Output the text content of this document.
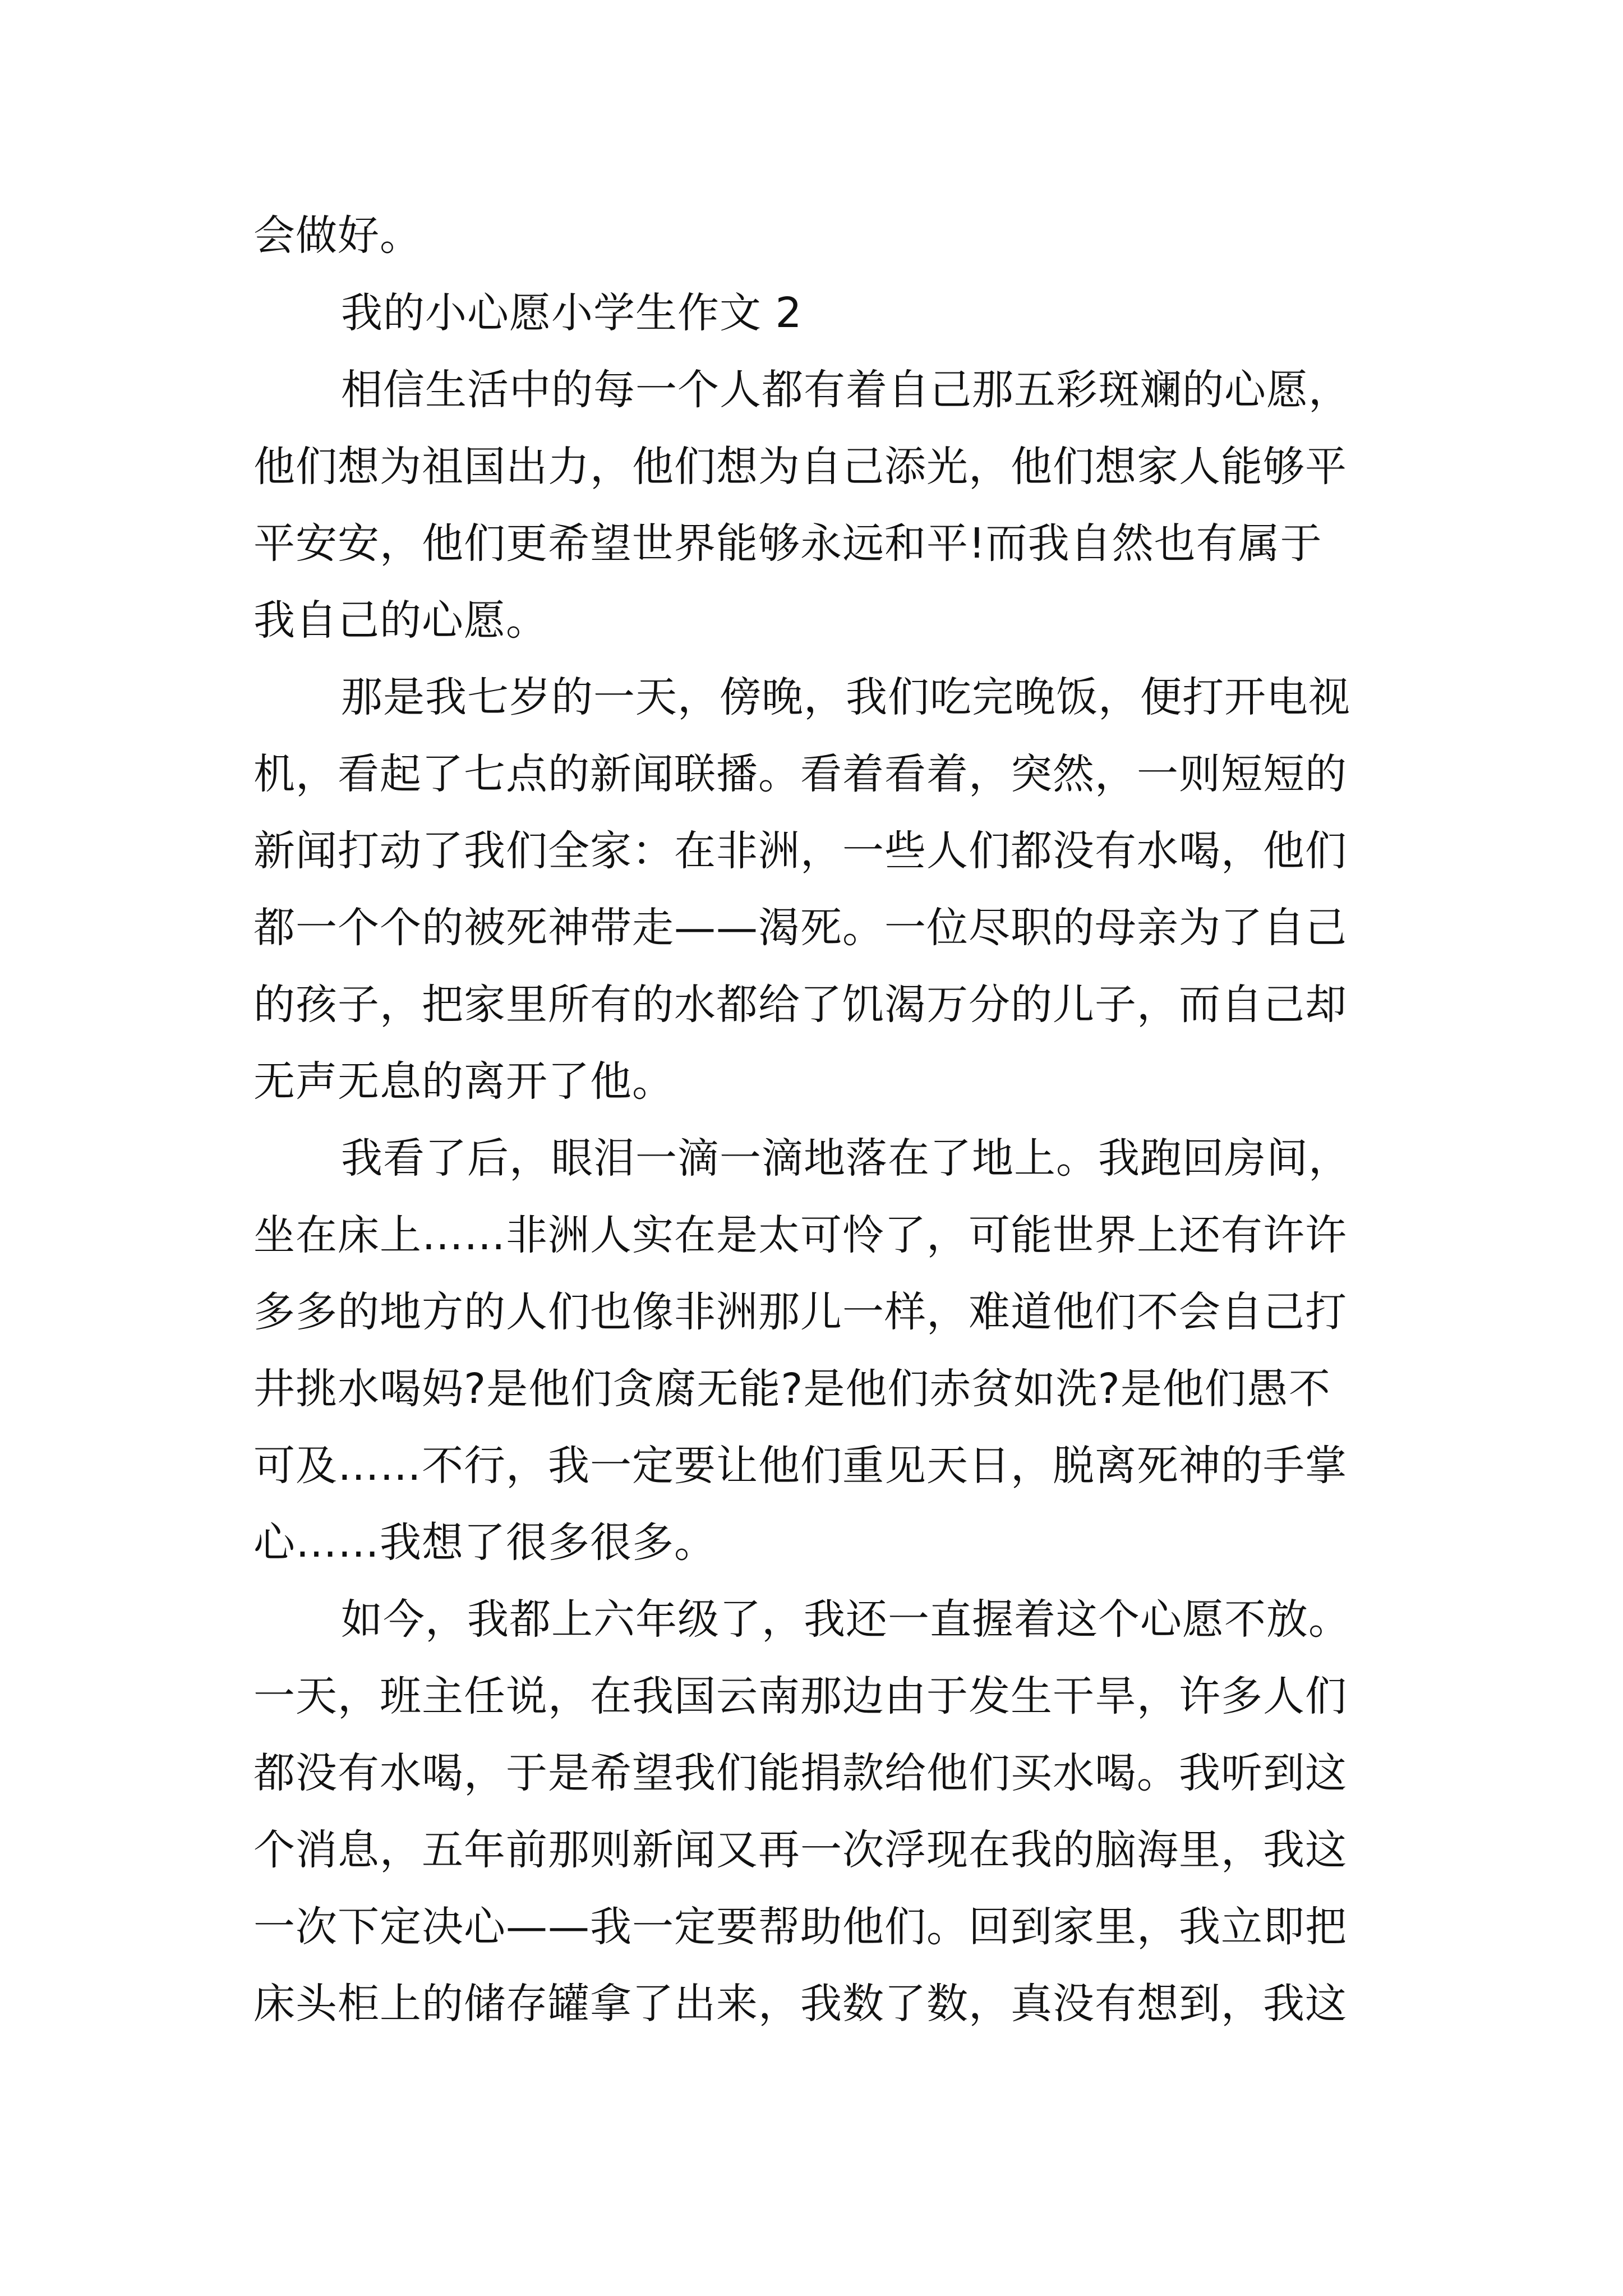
会做好。
我的小心愿小学生作文 2
相信生活中的每一个人都有着自己那五彩斑斓的心愿，
他们想为祖国出力，他们想为自己添光，他们想家人能够平
平安安，他们更希望世界能够永远和平!而我自然也有属于
我自己的心愿。
那是我七岁的一天，傍晚，我们吃完晚饭，便打开电视
机，看起了七点的新闻联播。看着看着，突然，一则短短的
新闻打动了我们全家：在非洲，一些人们都没有水喝，他们
都一个个的被死神带走——渴死。一位尽职的母亲为了自己
的孩子，把家里所有的水都给了饥渴万分的儿子，而自己却
无声无息的离开了他。
我看了后，眼泪一滴一滴地落在了地上。我跑回房间，
坐在床上……非洲人实在是太可怜了，可能世界上还有许许
多多的地方的人们也像非洲那儿一样，难道他们不会自己打
井挑水喝妈?是他们贪腐无能?是他们赤贫如洗?是他们愚不
可及……不行，我一定要让他们重见天日，脱离死神的手掌
心……我想了很多很多。
如今，我都上六年级了，我还一直握着这个心愿不放。
一天，班主任说，在我国云南那边由于发生干旱，许多人们
都没有水喝，于是希望我们能捐款给他们买水喝。我听到这
个消息，五年前那则新闻又再一次浮现在我的脑海里，我这
一次下定决心——我一定要帮助他们。回到家里，我立即把
床头柜上的储存罐拿了出来，我数了数，真没有想到，我这
